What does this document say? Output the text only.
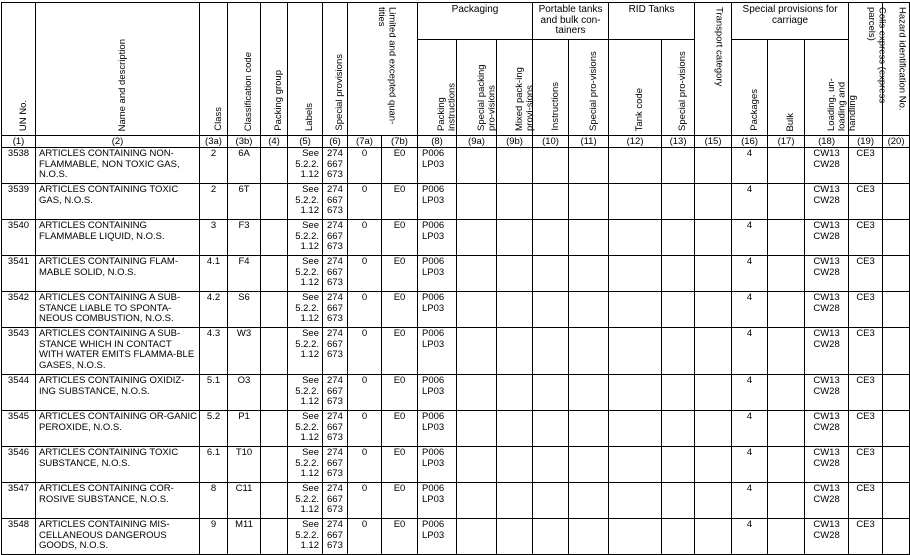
UN No.	Name and description	Class	Classification code	Packing group	Labels	Special provisions	Limited and excepted quan-tities		Packaging			Portable tanks and bulk con-tainers		RID Tanks		Transport category	Special provisions for carriage			Colis express (express parcels)	Hazard identification No.

									Packing instructions	Special packing pro-visions	Mixed pack-ing provi-sions	Instructions	Special pro-visions	Tank code	Special pro-visions		Packages	Bulk	Loading, un-loading and handling		

(1)	(2)	(3a)	(3b)	(4)	(5)	(6)	(7a)	(7b)	(8)	(9a)	(9b)	(10)	(11)	(12)	(13)	(15)	(16)	(17)	(18)	(19)	(20)
3538	ARTICLES CONTAINING NON-FLAMMABLE, NON TOXIC GAS, N.O.S.	2	6A		See 5.2.2. 1.12	274 667 673	0	E0	P006 LP03								4		CW13 CW28	CE3	
3539	ARTICLES CONTAINING TOXIC GAS, N.O.S.	2	6T		See 5.2.2. 1.12	274 667 673	0	E0	P006 LP03								4		CW13 CW28	CE3	
3540	ARTICLES CONTAINING FLAMMABLE LIQUID, N.O.S.	3	F3		See 5.2.2. 1.12	274 667 673	0	E0	P006 LP03								4		CW13 CW28	CE3	
3541	ARTICLES CONTAINING FLAM-MABLE SOLID, N.O.S.	4.1	F4		See 5.2.2. 1.12	274 667 673	0	E0	P006 LP03								4		CW13 CW28	CE3	
3542	ARTICLES CONTAINING A SUB-STANCE LIABLE TO SPONTA-NEOUS COMBUSTION, N.O.S.	4.2	S6		See 5.2.2. 1.12	274 667 673	0	E0	P006 LP03								4		CW13 CW28	CE3	
3543	ARTICLES CONTAINING A SUB-STANCE WHICH IN CONTACT WITH WATER EMITS FLAMMA-BLE GASES, N.O.S.	4.3	W3		See 5.2.2. 1.12	274 667 673	0	E0	P006 LP03								4		CW13 CW28	CE3	
3544	ARTICLES CONTAINING OXIDIZ-ING SUBSTANCE, N.O.S.	5.1	O3		See 5.2.2. 1.12	274 667 673	0	E0	P006 LP03								4		CW13 CW28	CE3	
3545	ARTICLES CONTAINING OR-GANIC PEROXIDE, N.O.S.	5.2	P1		See 5.2.2. 1.12	274 667 673	0	E0	P006 LP03								4		CW13 CW28	CE3	
3546	ARTICLES CONTAINING TOXIC SUBSTANCE, N.O.S.	6.1	T10		See 5.2.2. 1.12	274 667 673	0	E0	P006 LP03								4		CW13 CW28	CE3	
3547	ARTICLES CONTAINING COR-ROSIVE SUBSTANCE, N.O.S.	8	C11		See 5.2.2. 1.12	274 667 673	0	E0	P006 LP03								4		CW13 CW28	CE3	
3548	ARTICLES CONTAINING MIS-CELLANEOUS DANGEROUS GOODS, N.O.S.	9	M11		See 5.2.2. 1.12	274 667 673	0	E0	P006 LP03								4		CW13 CW28	CE3	
